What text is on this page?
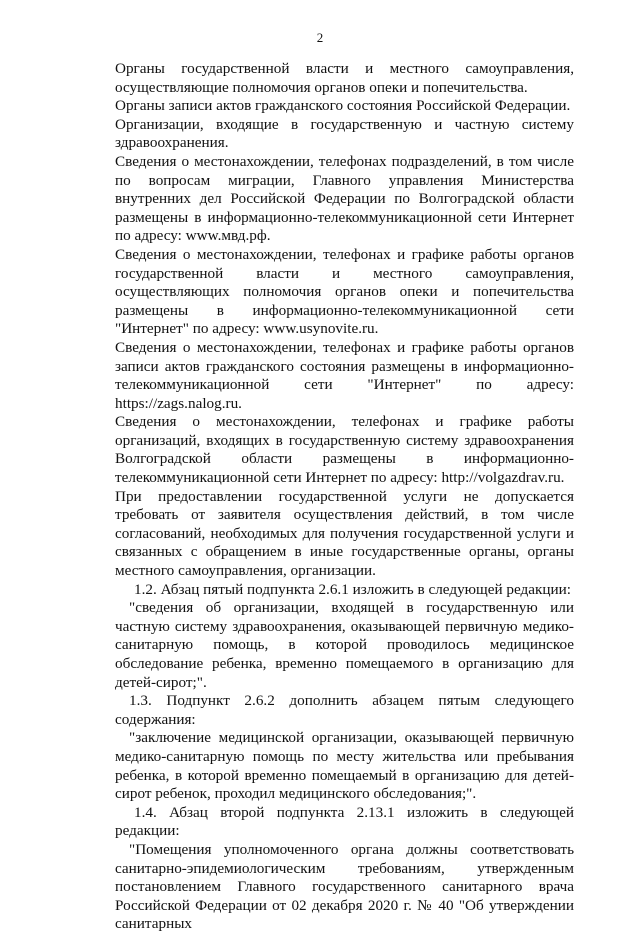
2

Органы государственной власти и местного самоуправления, осуществляющие полномочия органов опеки и попечительства.

Органы записи актов гражданского состояния Российской Федерации.

Организации, входящие в государственную и частную систему здравоохранения.

Сведения о местонахождении, телефонах подразделений, в том числе по вопросам миграции, Главного управления Министерства внутренних дел Российской Федерации по Волгоградской области размещены в информационно-телекоммуникационной сети Интернет по адресу: www.мвд.рф.

Сведения о местонахождении, телефонах и графике работы органов государственной власти и местного самоуправления, осуществляющих полномочия органов опеки и попечительства размещены в информационно-телекоммуникационной сети "Интернет" по адресу: www.usynovite.ru.

Сведения о местонахождении, телефонах и графике работы органов записи актов гражданского состояния размещены в информационно-телекоммуникационной сети "Интернет" по адресу: https://zags.nalog.ru.

Сведения о местонахождении, телефонах и графике работы организаций, входящих в государственную систему здравоохранения Волгоградской области размещены в информационно-телекоммуникационной сети Интернет по адресу: http://volgazdrav.ru.

При предоставлении государственной услуги не допускается требовать от заявителя осуществления действий, в том числе согласований, необходимых для получения государственной услуги и связанных с обращением в иные государственные органы, органы местного самоуправления, организации.

1.2. Абзац пятый подпункта 2.6.1 изложить в следующей редакции:

"сведения об организации, входящей в государственную или частную систему здравоохранения, оказывающей первичную медико-санитарную помощь, в которой проводилось медицинское обследование ребенка, временно помещаемого в организацию для детей-сирот;".

1.3. Подпункт 2.6.2 дополнить абзацем пятым следующего содержания:

"заключение медицинской организации, оказывающей первичную медико-санитарную помощь по месту жительства или пребывания ребенка, в которой временно помещаемый в организацию для детей-сирот ребенок, проходил медицинского обследования;".

1.4. Абзац второй подпункта 2.13.1 изложить в следующей редакции:

"Помещения уполномоченного органа должны соответствовать санитарно-эпидемиологическим требованиям, утвержденным постановлением Главного государственного санитарного врача Российской Федерации от 02 декабря 2020 г. № 40 "Об утверждении санитарных
